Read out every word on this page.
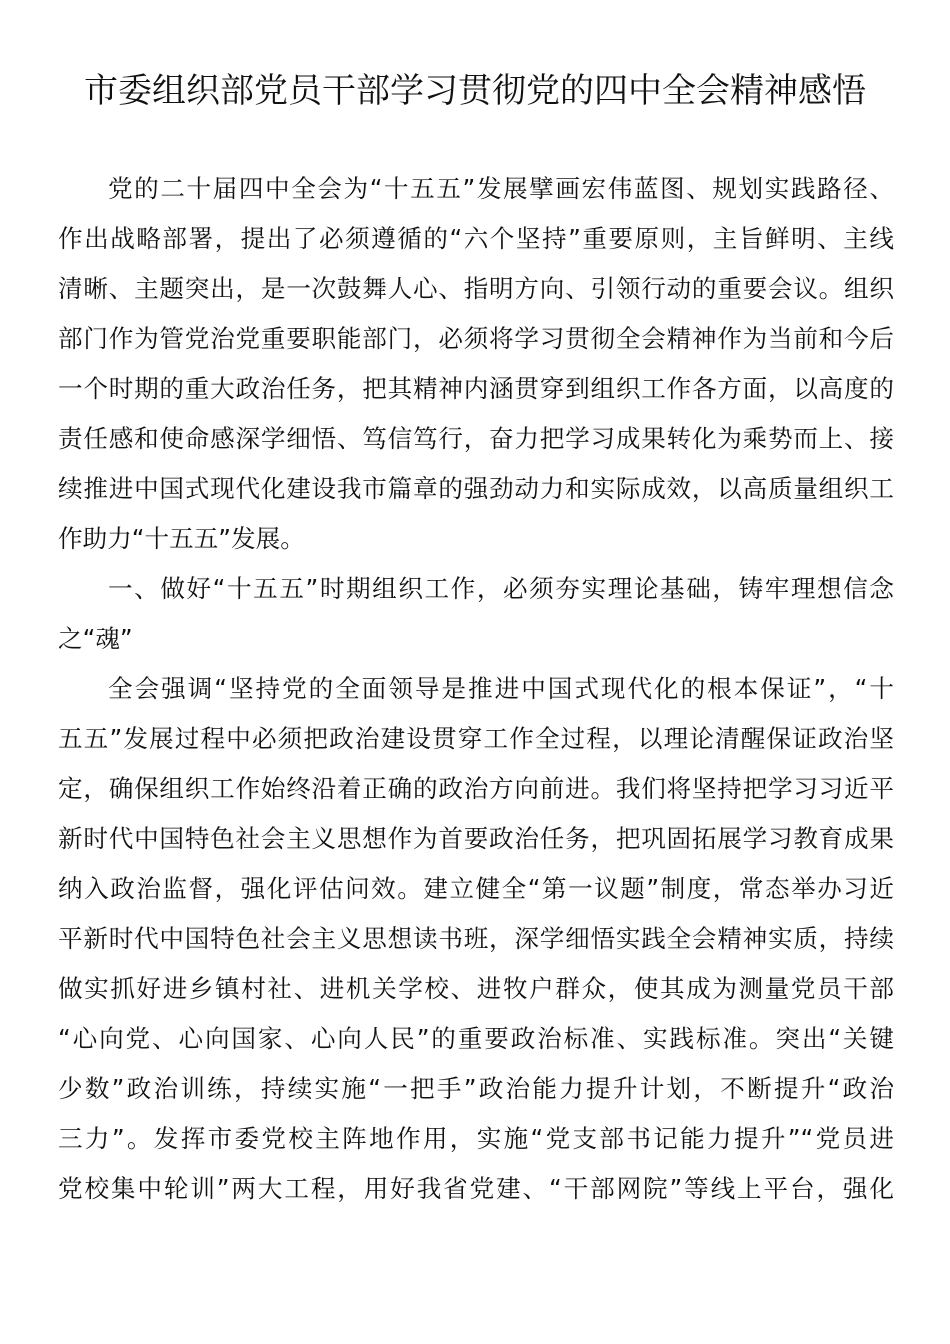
市委组织部党员干部学习贯彻党的四中全会精神感悟
党的二十届四中全会为“十五五”发展擘画宏伟蓝图、规划实践路径、
作出战略部署，提出了必须遵循的“六个坚持”重要原则，主旨鲜明、主线
清晰、主题突出，是一次鼓舞人心、指明方向、引领行动的重要会议。组织
部门作为管党治党重要职能部门，必须将学习贯彻全会精神作为当前和今后
一个时期的重大政治任务，把其精神内涵贯穿到组织工作各方面，以高度的
责任感和使命感深学细悟、笃信笃行，奋力把学习成果转化为乘势而上、接
续推进中国式现代化建设我市篇章的强劲动力和实际成效，以高质量组织工
作助力“十五五”发展。
一、做好“十五五”时期组织工作，必须夯实理论基础，铸牢理想信念
之“魂”
全会强调“坚持党的全面领导是推进中国式现代化的根本保证”，“十
五五”发展过程中必须把政治建设贯穿工作全过程，以理论清醒保证政治坚
定，确保组织工作始终沿着正确的政治方向前进。我们将坚持把学习习近平
新时代中国特色社会主义思想作为首要政治任务，把巩固拓展学习教育成果
纳入政治监督，强化评估问效。建立健全“第一议题”制度，常态举办习近
平新时代中国特色社会主义思想读书班，深学细悟实践全会精神实质，持续
做实抓好进乡镇村社、进机关学校、进牧户群众，使其成为测量党员干部
“心向党、心向国家、心向人民”的重要政治标准、实践标准。突出“关键
少数”政治训练，持续实施“一把手”政治能力提升计划，不断提升“政治
三力”。发挥市委党校主阵地作用，实施“党支部书记能力提升”“党员进
党校集中轮训”两大工程，用好我省党建、“干部网院”等线上平台，强化
